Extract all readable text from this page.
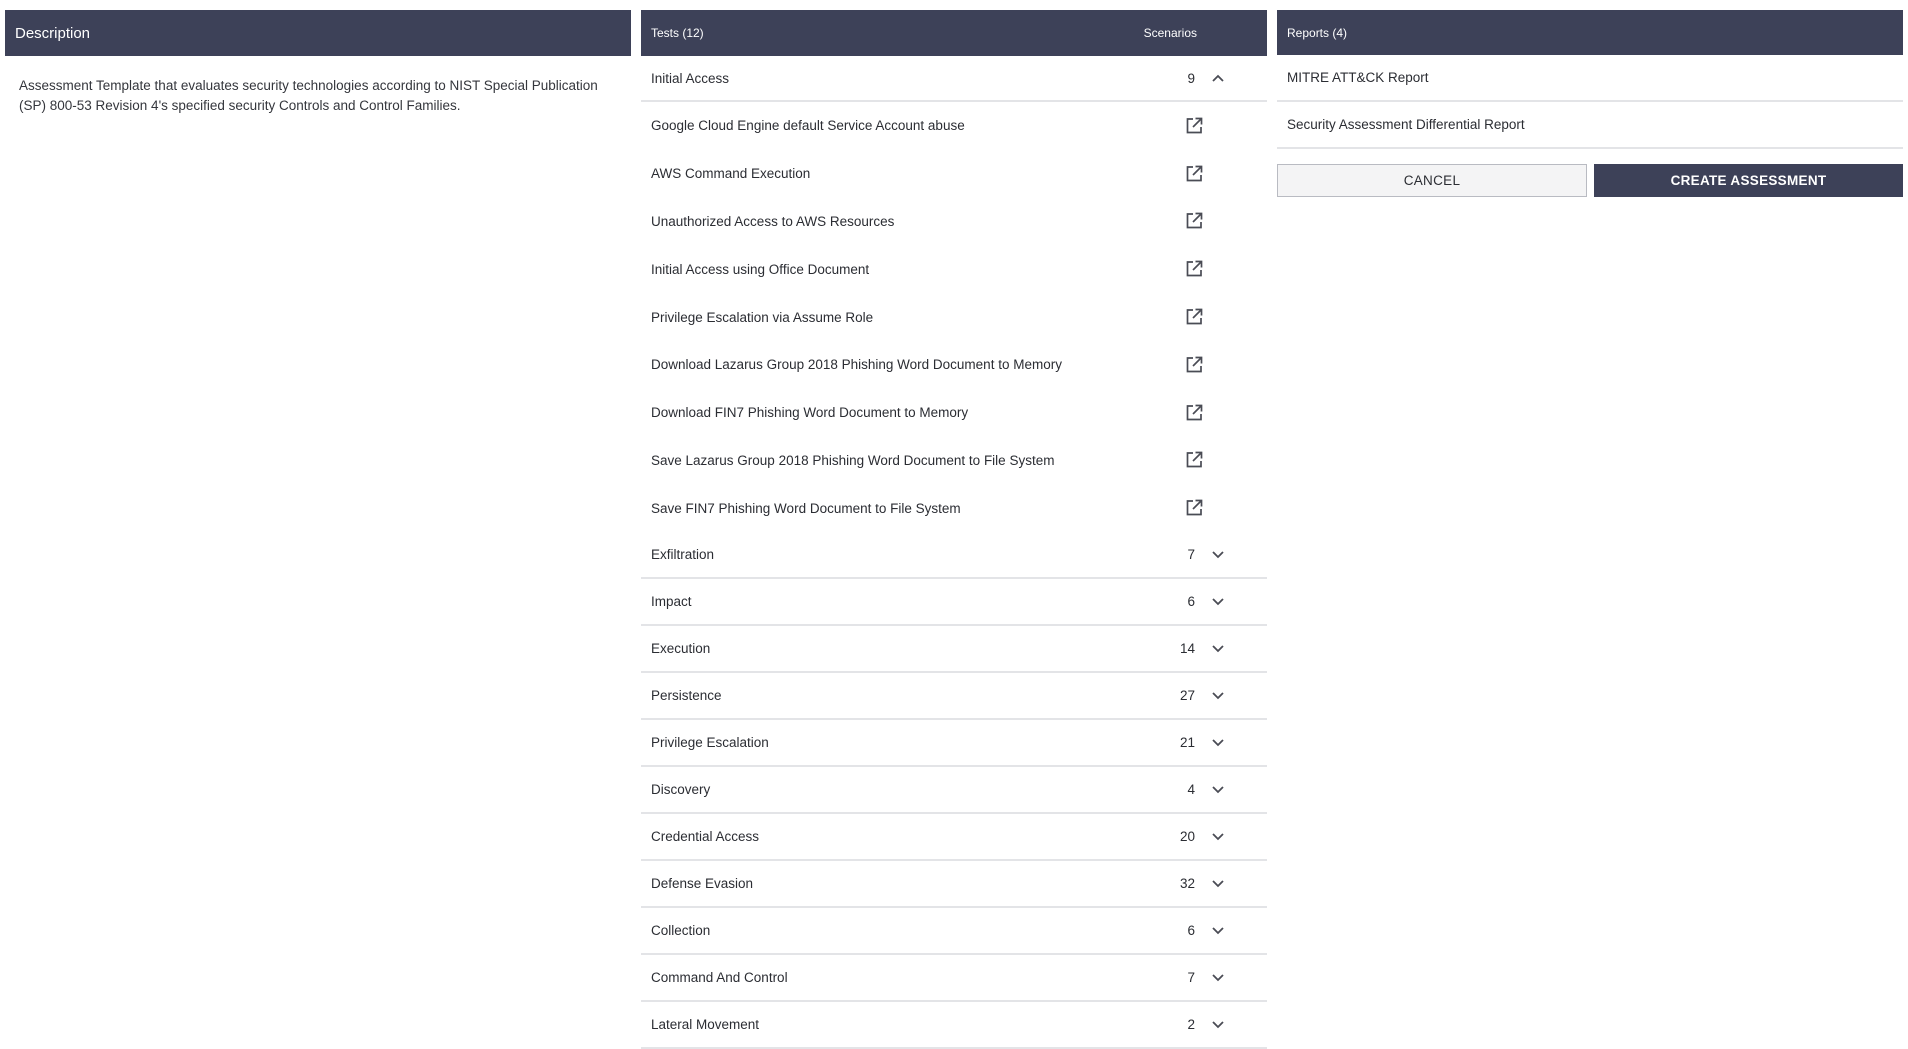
Description
Assessment Template that evaluates security technologies according to NIST Special Publication (SP) 800-53 Revision 4's specified security Controls and Control Families.
Tests (12)	Scenarios
Initial Access	9
Google Cloud Engine default Service Account abuse
AWS Command Execution
Unauthorized Access to AWS Resources
Initial Access using Office Document
Privilege Escalation via Assume Role
Download Lazarus Group 2018 Phishing Word Document to Memory
Download FIN7 Phishing Word Document to Memory
Save Lazarus Group 2018 Phishing Word Document to File System
Save FIN7 Phishing Word Document to File System
Exfiltration	7
Impact	6
Execution	14
Persistence	27
Privilege Escalation	21
Discovery	4
Credential Access	20
Defense Evasion	32
Collection	6
Command And Control	7
Lateral Movement	2
Reports (4)
MITRE ATT&CK Report
Security Assessment Differential Report
CANCEL	CREATE ASSESSMENT
